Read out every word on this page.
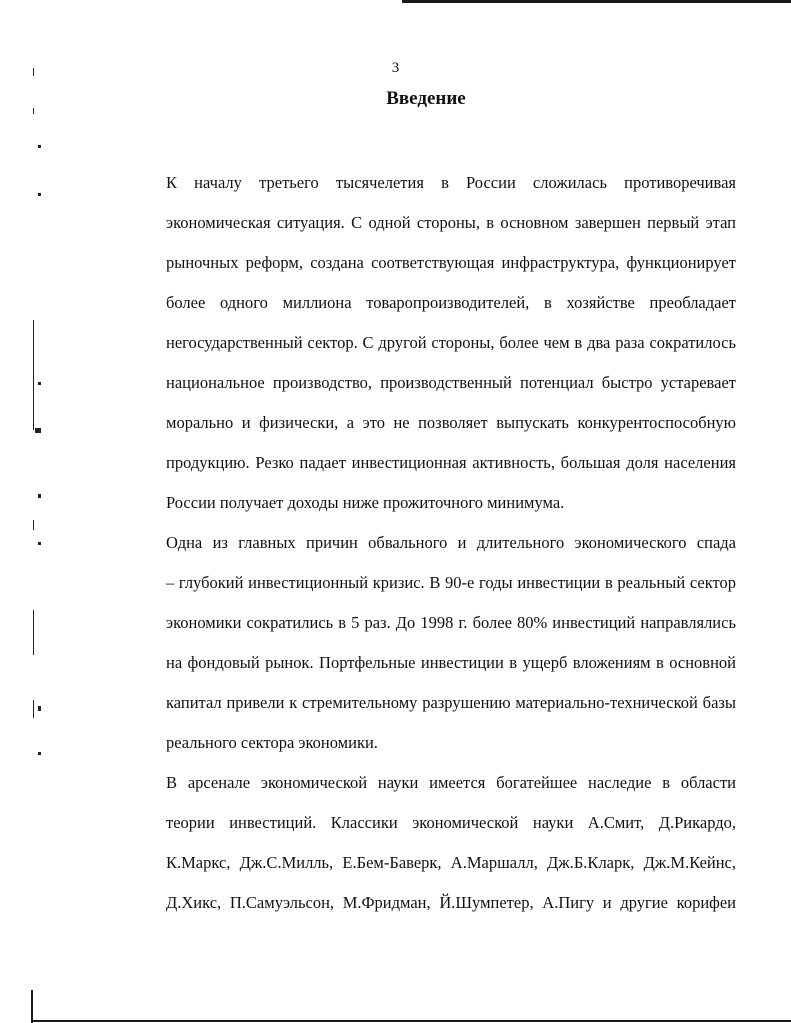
3
Введение

К началу третьего тысячелетия в России сложилась противоречивая
экономическая ситуация. С одной стороны, в основном завершен первый этап
рыночных реформ, создана соответствующая инфраструктура, функционирует
более одного миллиона товаропроизводителей, в хозяйстве преобладает
негосударственный сектор. С другой стороны, более чем в два раза сократилось
национальное производство, производственный потенциал быстро устаревает
морально и физически, а это не позволяет выпускать конкурентоспособную
продукцию. Резко падает инвестиционная активность, большая доля населения
России получает доходы ниже прожиточного минимума.

Одна из главных причин обвального и длительного экономического спада
– глубокий инвестиционный кризис. В 90-е годы инвестиции в реальный сектор
экономики сократились в 5 раз. До 1998 г. более 80% инвестиций направлялись
на фондовый рынок. Портфельные инвестиции в ущерб вложениям в основной
капитал привели к стремительному разрушению материально-технической базы
реального сектора экономики.

В арсенале экономической науки имеется богатейшее наследие в области
теории инвестиций. Классики экономической науки А.Смит, Д.Рикардо,
К.Маркс, Дж.С.Милль, Е.Бем-Баверк, А.Маршалл, Дж.Б.Кларк, Дж.М.Кейнс,
Д.Хикс, П.Самуэльсон, М.Фридман, Й.Шумпетер, А.Пигу и другие корифеи
